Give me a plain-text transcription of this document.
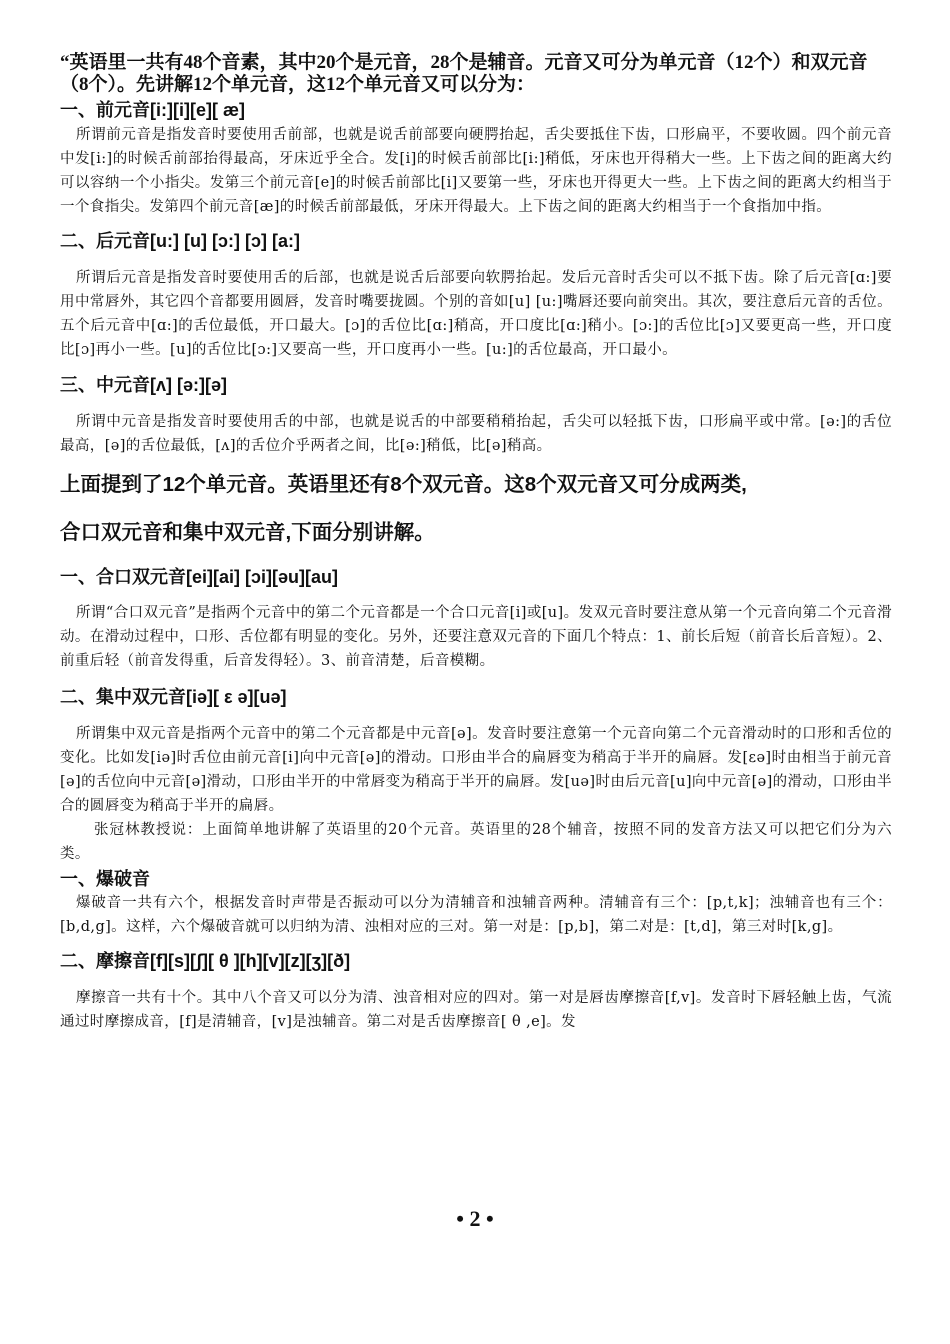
“英语里一共有48个音素，其中20个是元音，28个是辅音。元音又可分为单元音（12个）和双元音（8个）。先讲解12个单元音，这12个单元音又可以分为：

一、前元音[i:][i][e][ æ]

所谓前元音是指发音时要使用舌前部，也就是说舌前部要向硬腭抬起，舌尖要抵住下齿，口形扁平，不要收圆。四个前元音中发[i:]的时候舌前部抬得最高，牙床近乎全合。发[i]的时候舌前部比[i:]稍低，牙床也开得稍大一些。上下齿之间的距离大约可以容纳一个小指尖。发第三个前元音[e]的时候舌前部比[i]又要第一些，牙床也开得更大一些。上下齿之间的距离大约相当于一个食指尖。发第四个前元音[æ]的时候舌前部最低，牙床开得最大。上下齿之间的距离大约相当于一个食指加中指。

二、后元音[u:] [u] [ɔ:] [ɔ] [a:]

所谓后元音是指发音时要使用舌的后部，也就是说舌后部要向软腭抬起。发后元音时舌尖可以不抵下齿。除了后元音[ɑ:]要用中常唇外，其它四个音都要用圆唇，发音时嘴要拢圆。个别的音如[u] [u:]嘴唇还要向前突出。其次，要注意后元音的舌位。五个后元音中[ɑ:]的舌位最低，开口最大。[ɔ]的舌位比[ɑ:]稍高，开口度比[ɑ:]稍小。[ɔ:]的舌位比[ɔ]又要更高一些，开口度比[ɔ]再小一些。[u]的舌位比[ɔ:]又要高一些，开口度再小一些。[u:]的舌位最高，开口最小。

三、中元音[ʌ] [ə:][ə]

所谓中元音是指发音时要使用舌的中部，也就是说舌的中部要稍稍抬起，舌尖可以轻抵下齿，口形扁平或中常。[ə:]的舌位最高，[ə]的舌位最低，[ʌ]的舌位介乎两者之间，比[ə:]稍低，比[ə]稍高。

上面提到了12个单元音。英语里还有8个双元音。这8个双元音又可分成两类,

合口双元音和集中双元音,下面分别讲解。

一、合口双元音[ei][ai] [ɔi][əu][au]

所谓“合口双元音”是指两个元音中的第二个元音都是一个合口元音[i]或[u]。发双元音时要注意从第一个元音向第二个元音滑动。在滑动过程中，口形、舌位都有明显的变化。另外，还要注意双元音的下面几个特点：1、前长后短（前音长后音短）。2、前重后轻（前音发得重，后音发得轻）。3、前音清楚，后音模糊。

二、集中双元音[iə][ ε ə][uə]

所谓集中双元音是指两个元音中的第二个元音都是中元音[ə]。发音时要注意第一个元音向第二个元音滑动时的口形和舌位的变化。比如发[iə]时舌位由前元音[i]向中元音[ə]的滑动。口形由半合的扁唇变为稍高于半开的扁唇。发[εə]时由相当于前元音[ə]的舌位向中元音[ə]滑动，口形由半开的中常唇变为稍高于半开的扁唇。发[uə]时由后元音[u]向中元音[ə]的滑动，口形由半合的圆唇变为稍高于半开的扁唇。

张冠林教授说：上面简单地讲解了英语里的20个元音。英语里的28个辅音，按照不同的发音方法又可以把它们分为六类。

一、爆破音

爆破音一共有六个，根据发音时声带是否振动可以分为清辅音和浊辅音两种。清辅音有三个：[p,t,k]；浊辅音也有三个：[b,d,g]。这样，六个爆破音就可以归纳为清、浊相对应的三对。第一对是：[p,b]，第二对是：[t,d]，第三对时[k,g]。

二、摩擦音[f][s][ʃ][ θ ][h][v][z][ʒ][ð]

摩擦音一共有十个。其中八个音又可以分为清、浊音相对应的四对。第一对是唇齿摩擦音[f,v]。发音时下唇轻触上齿，气流通过时摩擦成音，[f]是清辅音，[v]是浊辅音。第二对是舌齿摩擦音[ θ ,e]。发

• 2 •
